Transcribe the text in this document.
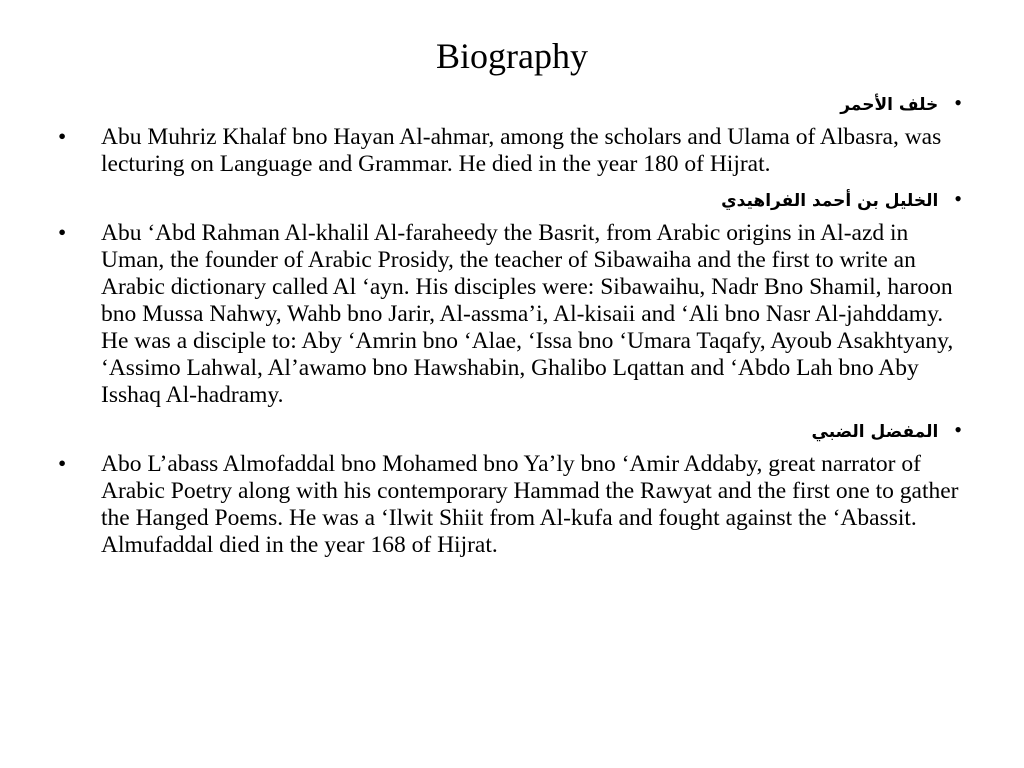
Biography
•خلف الأحمر
• Abu Muhriz Khalaf bno Hayan Al-ahmar, among the scholars and Ulama of Albasra, was lecturing on Language and Grammar. He died in the year 180 of Hijrat.
•الخليل بن أحمد الفراهيدي
• Abu ‘Abd Rahman Al-khalil Al-faraheedy the Basrit, from Arabic origins in Al-azd in Uman, the founder of Arabic Prosidy, the teacher of Sibawaiha and the first to write an Arabic dictionary called Al ‘ayn. His disciples were: Sibawaihu, Nadr Bno Shamil, haroon bno Mussa Nahwy, Wahb bno Jarir, Al-assma’i, Al-kisaii and ‘Ali bno Nasr Al-jahddamy. He was a disciple to: Aby ‘Amrin bno ‘Alae, ‘Issa bno ‘Umara Taqafy, Ayoub Asakhtyany, ‘Assimo Lahwal, Al’awamo bno Hawshabin, Ghalibo Lqattan and ‘Abdo Lah bno Aby Isshaq Al-hadramy.
•المفضل الضبي
• Abo L’abass Almofaddal bno Mohamed bno Ya’ly bno ‘Amir Addaby, great narrator of Arabic Poetry along with his contemporary Hammad the Rawyat and the first one to gather the Hanged Poems. He was a ‘Ilwit Shiit from Al-kufa and fought against the ‘Abassit. Almufaddal died in the year 168 of Hijrat.
